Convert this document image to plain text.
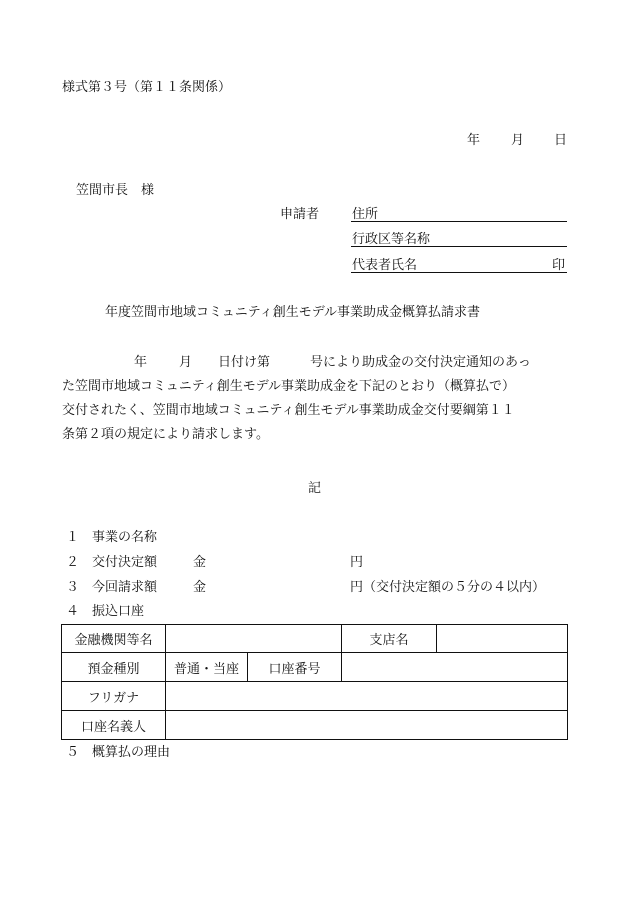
様式第３号（第１１条関係）
年 月 日
笠間市長　様
申請者	住所
行政区等名称
代表者氏名	印
年度笠間市地域コミュニティ創生モデル事業助成金概算払請求書
年 月 日付け第	号により助成金の交付決定通知のあっ
た笠間市地域コミュニティ創生モデル事業助成金を下記のとおり（概算払で）
交付されたく、笠間市地域コミュニティ創生モデル事業助成金交付要綱第１１
条第２項の規定により請求します。
記
１ 事業の名称
２ 交付決定額	金	円
３ 今回請求額	金	円（交付決定額の５分の４以内）
４ 振込口座
金融機関等名			支店名	
預金種別	普通・当座	口座番号		
フリガナ				
口座名義人				
５ 概算払の理由
